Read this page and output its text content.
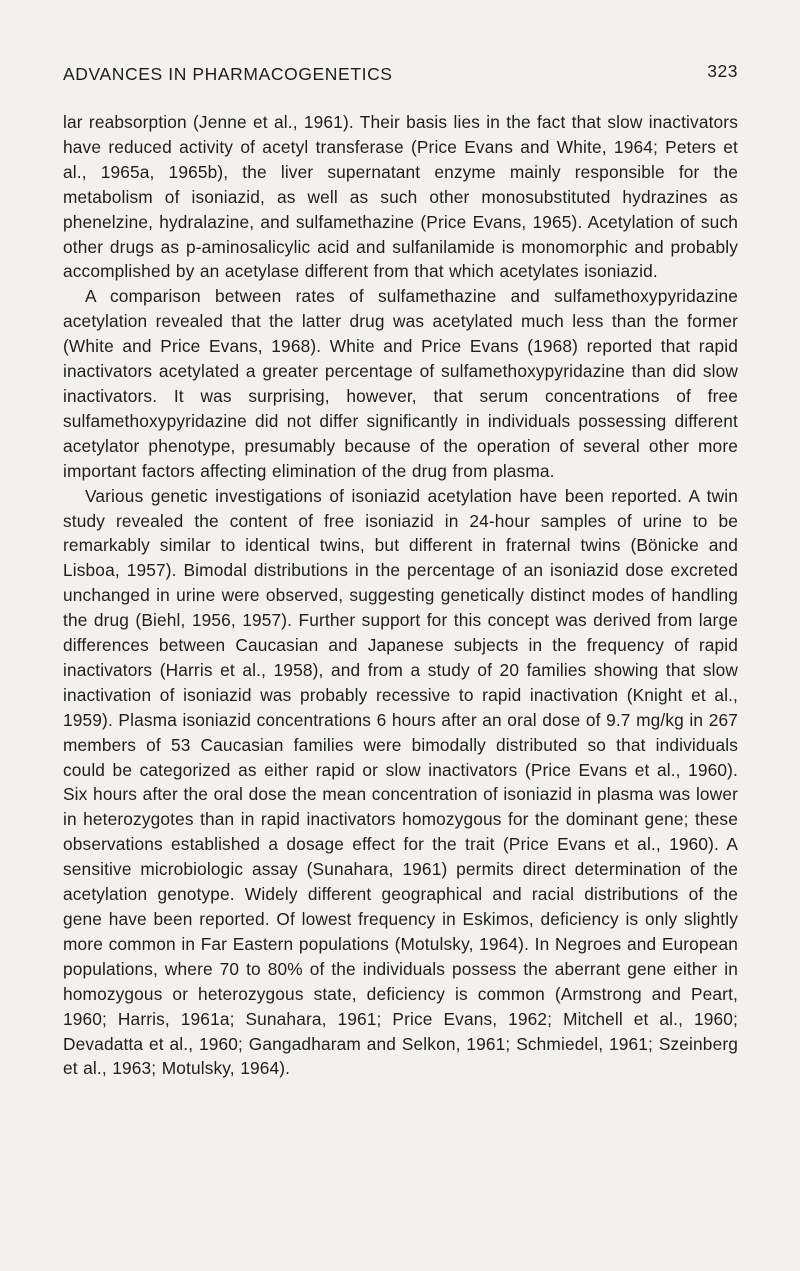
ADVANCES IN PHARMACOGENETICS	323

lar reabsorption (Jenne et al., 1961). Their basis lies in the fact that slow inactivators have reduced activity of acetyl transferase (Price Evans and White, 1964; Peters et al., 1965a, 1965b), the liver supernatant enzyme mainly responsible for the metabolism of isoniazid, as well as such other monosubstituted hydrazines as phenelzine, hydralazine, and sulfamethazine (Price Evans, 1965). Acetylation of such other drugs as p-aminosalicylic acid and sulfanilamide is monomorphic and probably accomplished by an acetylase different from that which acetylates isoniazid.

A comparison between rates of sulfamethazine and sulfamethoxypyridazine acetylation revealed that the latter drug was acetylated much less than the former (White and Price Evans, 1968). White and Price Evans (1968) reported that rapid inactivators acetylated a greater percentage of sulfamethoxypyridazine than did slow inactivators. It was surprising, however, that serum concentrations of free sulfamethoxypyridazine did not differ significantly in individuals possessing different acetylator phenotype, presumably because of the operation of several other more important factors affecting elimination of the drug from plasma.

Various genetic investigations of isoniazid acetylation have been reported. A twin study revealed the content of free isoniazid in 24-hour samples of urine to be remarkably similar to identical twins, but different in fraternal twins (Bönicke and Lisboa, 1957). Bimodal distributions in the percentage of an isoniazid dose excreted unchanged in urine were observed, suggesting genetically distinct modes of handling the drug (Biehl, 1956, 1957). Further support for this concept was derived from large differences between Caucasian and Japanese subjects in the frequency of rapid inactivators (Harris et al., 1958), and from a study of 20 families showing that slow inactivation of isoniazid was probably recessive to rapid inactivation (Knight et al., 1959). Plasma isoniazid concentrations 6 hours after an oral dose of 9.7 mg/kg in 267 members of 53 Caucasian families were bimodally distributed so that individuals could be categorized as either rapid or slow inactivators (Price Evans et al., 1960). Six hours after the oral dose the mean concentration of isoniazid in plasma was lower in heterozygotes than in rapid inactivators homozygous for the dominant gene; these observations established a dosage effect for the trait (Price Evans et al., 1960). A sensitive microbiologic assay (Sunahara, 1961) permits direct determination of the acetylation genotype. Widely different geographical and racial distributions of the gene have been reported. Of lowest frequency in Eskimos, deficiency is only slightly more common in Far Eastern populations (Motulsky, 1964). In Negroes and European populations, where 70 to 80% of the individuals possess the aberrant gene either in homozygous or heterozygous state, deficiency is common (Armstrong and Peart, 1960; Harris, 1961a; Sunahara, 1961; Price Evans, 1962; Mitchell et al., 1960; Devadatta et al., 1960; Gangadharam and Selkon, 1961; Schmiedel, 1961; Szeinberg et al., 1963; Motulsky, 1964).
